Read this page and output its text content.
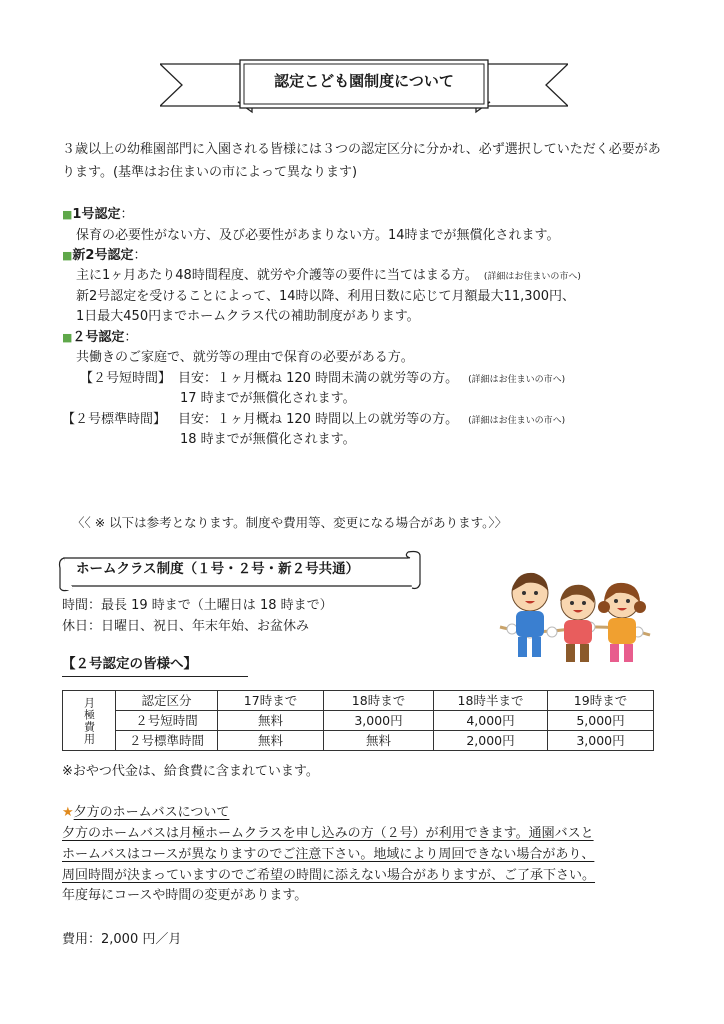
認定こども園制度について
３歳以上の幼稚園部門に入園される皆様には３つの認定区分に分かれ、必ず選択していただく必要があります。(基準はお住まいの市によって異なります)
■1号認定：
保育の必要性がない方、及び必要性があまりない方。14時までが無償化されます。
■新2号認定：
主に1ヶ月あたり48時間程度、就労や介護等の要件に当てはまる方。 (詳細はお住まいの市へ)
新2号認定を受けることによって、14時以降、利用日数に応じて月額最大11,300円、
1日最大450円までホームクラス代の補助制度があります。
■２号認定：
共働きのご家庭で、就労等の理由で保育の必要がある方。
【２号短時間】 目安：１ヶ月概ね 120 時間未満の就労等の方。 (詳細はお住まいの市へ)
17 時までが無償化されます。
【２号標準時間】 目安：１ヶ月概ね 120 時間以上の就労等の方。 (詳細はお住まいの市へ)
18 時までが無償化されます。
〈〈 ※ 以下は参考となります。制度や費用等、変更になる場合があります。〉〉
ホームクラス制度（１号・２号・新２号共通）
時間：最長 19 時まで（土曜日は 18 時まで）
休日：日曜日、祝日、年末年始、お盆休み
【２号認定の皆様へ】
月極費用	認定区分	17時まで	18時まで	18時半まで	19時まで
	２号短時間	無料	3,000円	4,000円	5,000円
	２号標準時間	無料	無料	2,000円	3,000円
※おやつ代金は、給食費に含まれています。
★夕方のホームバスについて
夕方のホームバスは月極ホームクラスを申し込みの方（２号）が利用できます。通園バスと
ホームバスはコースが異なりますのでご注意下さい。地域により周回できない場合があり、
周回時間が決まっていますのでご希望の時間に添えない場合がありますが、ご了承下さい。
年度毎にコースや時間の変更があります。
費用：2,000 円／月
